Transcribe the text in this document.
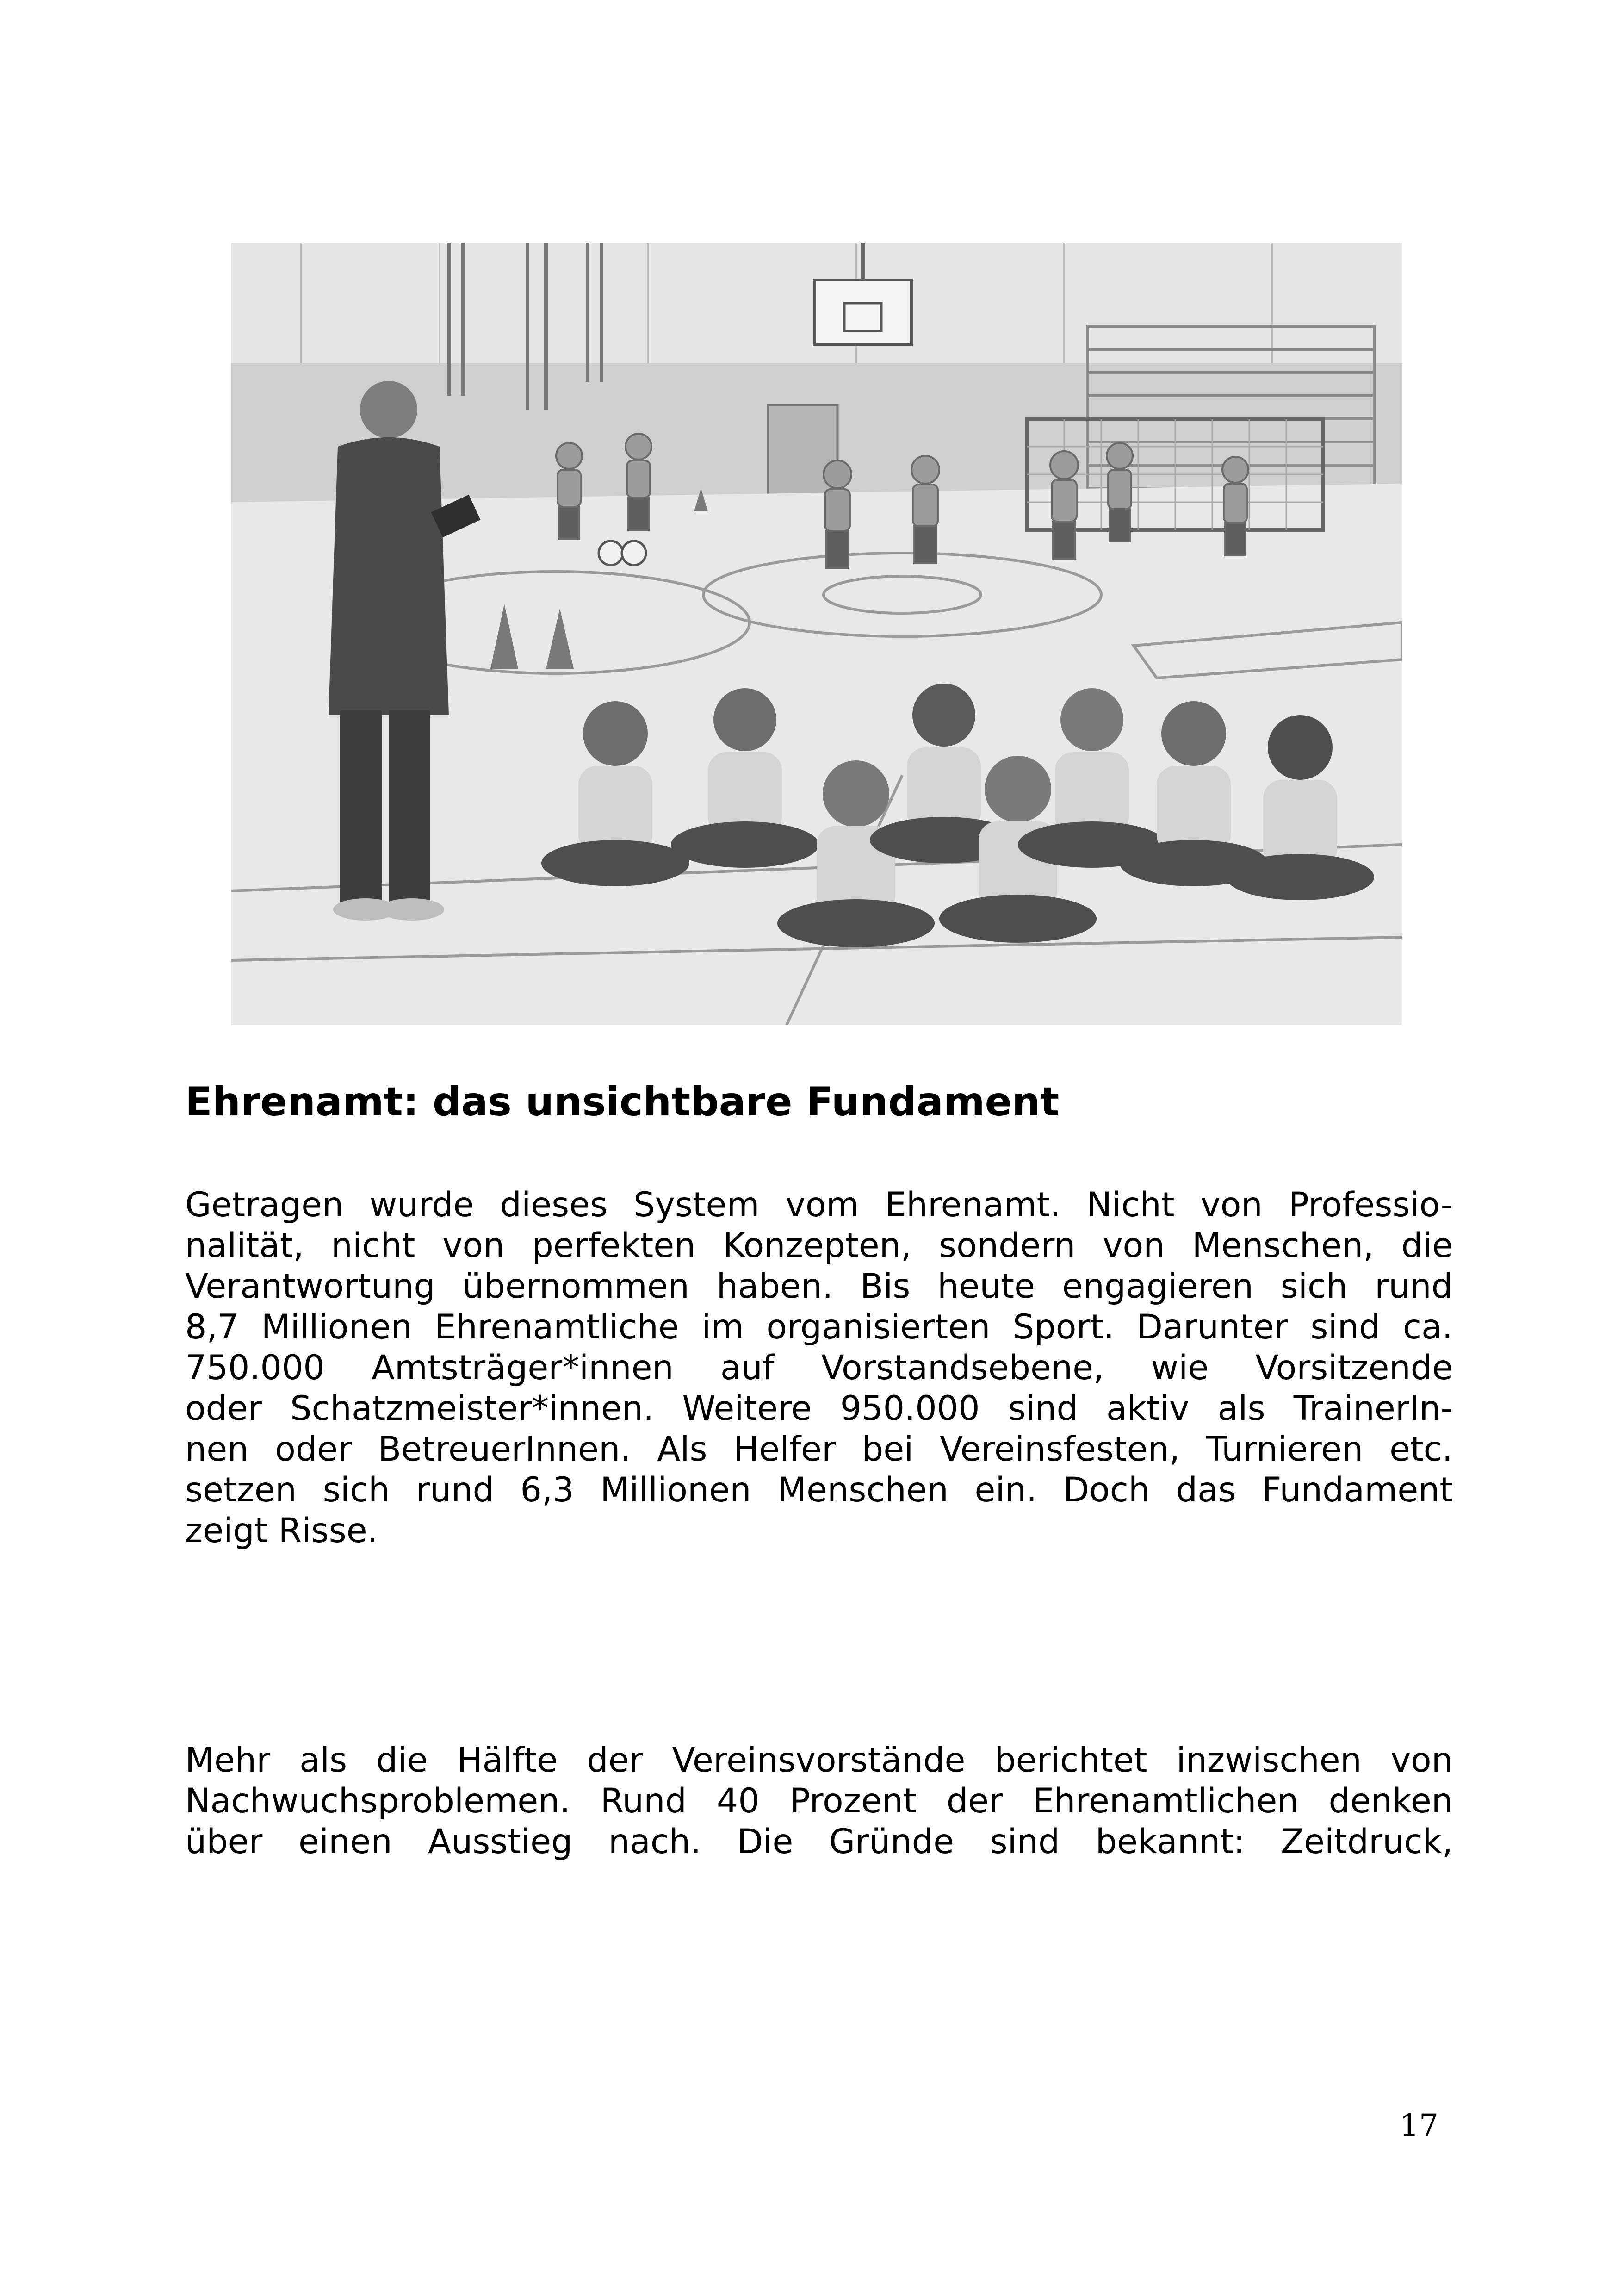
Ehrenamt: das unsichtbare Fundament

Getragen wurde dieses System vom Ehrenamt. Nicht von Professio-
nalität, nicht von perfekten Konzepten, sondern von Menschen, die
Verantwortung übernommen haben. Bis heute engagieren sich rund
8,7 Millionen Ehrenamtliche im organisierten Sport. Darunter sind ca.
750.000 Amtsträger*innen auf Vorstandsebene, wie Vorsitzende
oder Schatzmeister*innen. Weitere 950.000 sind aktiv als TrainerIn-
nen oder BetreuerInnen. Als Helfer bei Vereinsfesten, Turnieren etc.
setzen sich rund 6,3 Millionen Menschen ein. Doch das Fundament
zeigt Risse.

Mehr als die Hälfte der Vereinsvorstände berichtet inzwischen von
Nachwuchsproblemen. Rund 40 Prozent der Ehrenamtlichen denken
über einen Ausstieg nach. Die Gründe sind bekannt: Zeitdruck,

17
